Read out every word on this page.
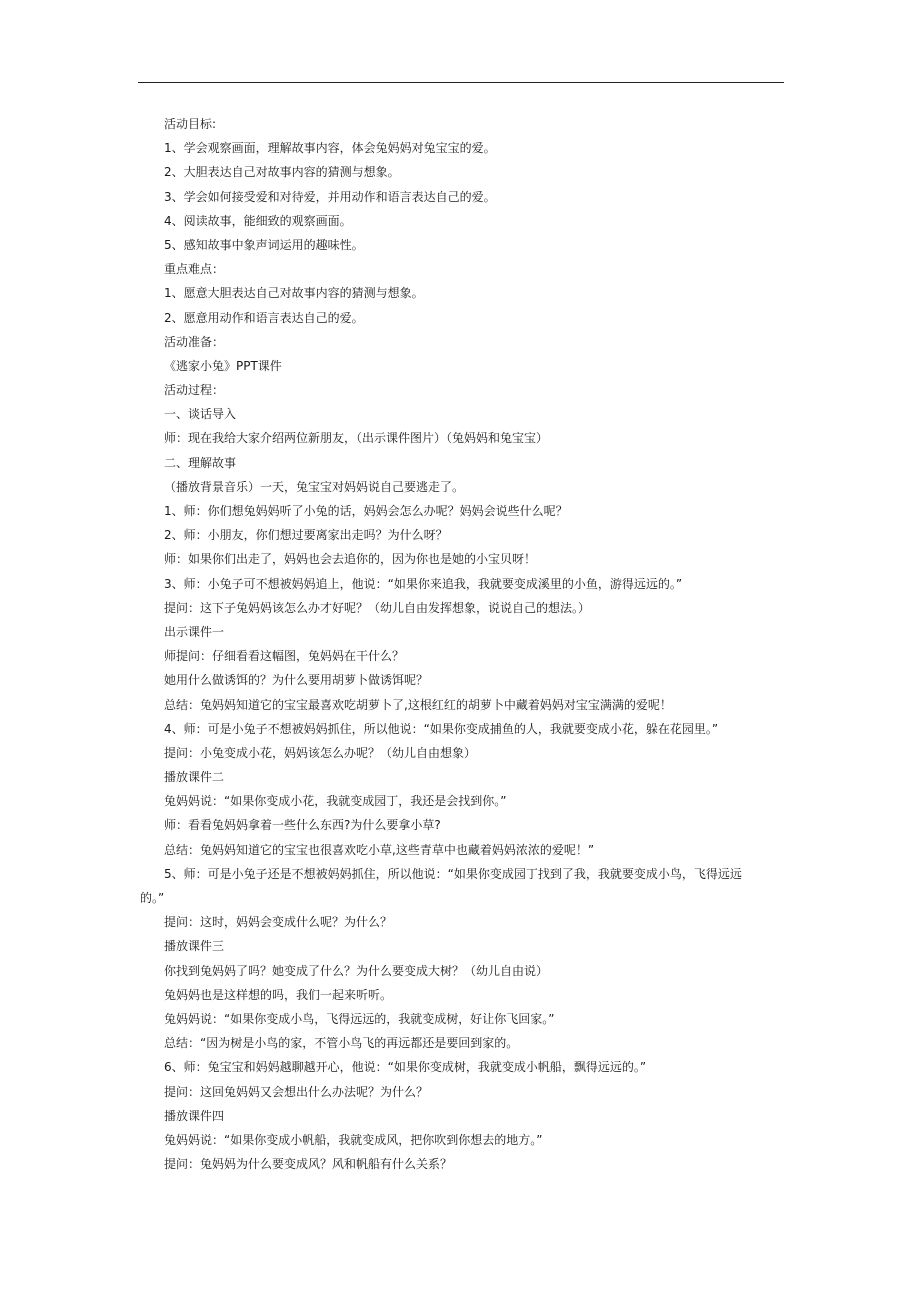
活动目标:
1、学会观察画面，理解故事内容，体会兔妈妈对兔宝宝的爱。
2、大胆表达自己对故事内容的猜测与想象。
3、学会如何接受爱和对待爱，并用动作和语言表达自己的爱。
4、阅读故事，能细致的观察画面。
5、感知故事中象声词运用的趣味性。
重点难点：
1、愿意大胆表达自己对故事内容的猜测与想象。
2、愿意用动作和语言表达自己的爱。
活动准备：
《逃家小兔》PPT课件
活动过程：
一、谈话导入
师：现在我给大家介绍两位新朋友，（出示课件图片）（兔妈妈和兔宝宝）
二、理解故事
（播放背景音乐）一天，兔宝宝对妈妈说自己要逃走了。
1、师：你们想兔妈妈听了小兔的话，妈妈会怎么办呢？妈妈会说些什么呢？
2、师：小朋友，你们想过要离家出走吗？为什么呀？
师：如果你们出走了，妈妈也会去追你的，因为你也是她的小宝贝呀！
3、师：小兔子可不想被妈妈追上，他说：“如果你来追我，我就要变成溪里的小鱼，游得远远的。”
提问：这下子兔妈妈该怎么办才好呢？（幼儿自由发挥想象，说说自己的想法。）
出示课件一
师提问：仔细看看这幅图，兔妈妈在干什么？
她用什么做诱饵的？为什么要用胡萝卜做诱饵呢？
总结：兔妈妈知道它的宝宝最喜欢吃胡萝卜了,这根红红的胡萝卜中藏着妈妈对宝宝满满的爱呢！
4、师：可是小兔子不想被妈妈抓住，所以他说：“如果你变成捕鱼的人，我就要变成小花，躲在花园里。”
提问：小兔变成小花，妈妈该怎么办呢？（幼儿自由想象）
播放课件二
兔妈妈说：“如果你变成小花，我就变成园丁，我还是会找到你。”
师：看看兔妈妈拿着一些什么东西?为什么要拿小草?
总结：兔妈妈知道它的宝宝也很喜欢吃小草,这些青草中也藏着妈妈浓浓的爱呢！”
5、师：可是小兔子还是不想被妈妈抓住，所以他说：“如果你变成园丁找到了我，我就要变成小鸟，飞得远远
的。”
提问：这时，妈妈会变成什么呢？为什么？
播放课件三
你找到兔妈妈了吗？她变成了什么？为什么要变成大树？（幼儿自由说）
兔妈妈也是这样想的吗，我们一起来听听。
兔妈妈说：“如果你变成小鸟，飞得远远的，我就变成树，好让你飞回家。”
总结：“因为树是小鸟的家，不管小鸟飞的再远都还是要回到家的。
6、师：兔宝宝和妈妈越聊越开心，他说：“如果你变成树，我就变成小帆船，飘得远远的。”
提问：这回兔妈妈又会想出什么办法呢？为什么？
播放课件四
兔妈妈说：“如果你变成小帆船，我就变成风，把你吹到你想去的地方。”
提问：兔妈妈为什么要变成风？风和帆船有什么关系？
